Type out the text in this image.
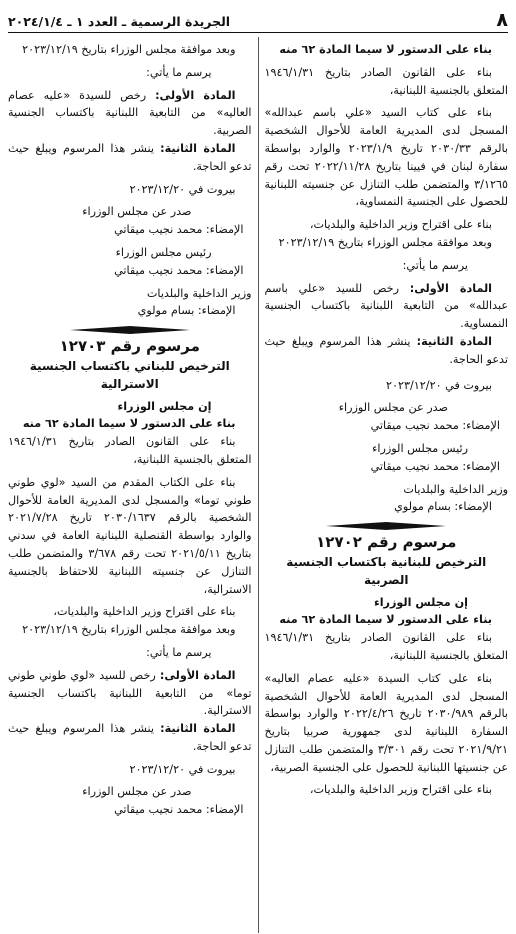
٨
الجريدة الرسمية ـ العدد ١ ـ ٢٠٢٤/١/٤

بناء على الدستور لا سيما المادة ٦٢ منه

بناء على القانون الصادر بتاريخ ١٩٤٦/١/٣١ المتعلق بالجنسية اللبنانية،

بناء على كتاب السيد «علي باسم عبدالله» المسجل لدى المديرية العامة للأحوال الشخصية بالرقم ٢٠٣٠/٣٣ تاريخ ٢٠٢٣/١/٩ والوارد بواسطة سفارة لبنان في فيينا بتاريخ ٢٠٢٢/١١/٢٨ تحت رقم ٣/١٢٦٥ والمتضمن طلب التنازل عن جنسيته اللبنانية للحصول على الجنسية النمساوية،

بناء على اقتراح وزير الداخلية والبلديات،

وبعد موافقة مجلس الوزراء بتاريخ ٢٠٢٣/١٢/١٩

يرسم ما يأتي:

المادة الأولى: رخص للسيد «علي باسم عبدالله» من التابعية اللبنانية باكتساب الجنسية النمساوية.

المادة الثانية: ينشر هذا المرسوم ويبلغ حيث تدعو الحاجة.

بيروت في ٢٠٢٣/١٢/٢٠

صدر عن مجلس الوزراء

الإمضاء: محمد نجيب ميقاتي

رئيس مجلس الوزراء

الإمضاء: محمد نجيب ميقاتي

وزير الداخلية والبلديات

الإمضاء: بسام مولوي

مرسوم رقم ١٢٧٠٢

الترخيص للبنانية باكتساب الجنسية الصربية

إن مجلس الوزراء

بناء على الدستور لا سيما المادة ٦٢ منه

بناء على القانون الصادر بتاريخ ١٩٤٦/١/٣١ المتعلق بالجنسية اللبنانية،

بناء على كتاب السيدة «عليه عصام العاليه» المسجل لدى المديرية العامة للأحوال الشخصية بالرقم ٢٠٣٠/٩٨٩ تاريخ ٢٠٢٢/٤/٢٦ والوارد بواسطة السفارة اللبنانية لدى جمهورية صربيا بتاريخ ٢٠٢١/٩/٢١ تحت رقم ٣/٣٠١ والمتضمن طلب التنازل عن جنسيتها اللبنانية للحصول على الجنسية الصربية،

بناء على اقتراح وزير الداخلية والبلديات،

وبعد موافقة مجلس الوزراء بتاريخ ٢٠٢٣/١٢/١٩

يرسم ما يأتي:

المادة الأولى: رخص للسيدة «عليه عصام العاليه» من التابعية اللبنانية باكتساب الجنسية الصربية.

المادة الثانية: ينشر هذا المرسوم ويبلغ حيث تدعو الحاجة.

بيروت في ٢٠٢٣/١٢/٢٠

صدر عن مجلس الوزراء

الإمضاء: محمد نجيب ميقاتي

رئيس مجلس الوزراء

الإمضاء: محمد نجيب ميقاتي

وزير الداخلية والبلديات

الإمضاء: بسام مولوي

مرسوم رقم ١٢٧٠٣

الترخيص للبناني باكتساب الجنسية الاسترالية

إن مجلس الوزراء

بناء على الدستور لا سيما المادة ٦٢ منه

بناء على القانون الصادر بتاريخ ١٩٤٦/١/٣١ المتعلق بالجنسية اللبنانية،

بناء على الكتاب المقدم من السيد «لوي طوني طوني توما» والمسجل لدى المديرية العامة للأحوال الشخصية بالرقم ٢٠٣٠/١٦٣٧ تاريخ ٢٠٢١/٧/٢٨ والوارد بواسطة القنصلية اللبنانية العامة في سدني بتاريخ ٢٠٢١/٥/١١ تحت رقم ٣/٦٧٨ والمتضمن طلب التنازل عن جنسيته اللبنانية للاحتفاظ بالجنسية الاسترالية،

بناء على اقتراح وزير الداخلية والبلديات،

وبعد موافقة مجلس الوزراء بتاريخ ٢٠٢٣/١٢/١٩

يرسم ما يأتي:

المادة الأولى: رخص للسيد «لوي طوني طوني توما» من التابعية اللبنانية باكتساب الجنسية الاسترالية.

المادة الثانية: ينشر هذا المرسوم ويبلغ حيث تدعو الحاجة.

بيروت في ٢٠٢٣/١٢/٢٠

صدر عن مجلس الوزراء

الإمضاء: محمد نجيب ميقاتي
